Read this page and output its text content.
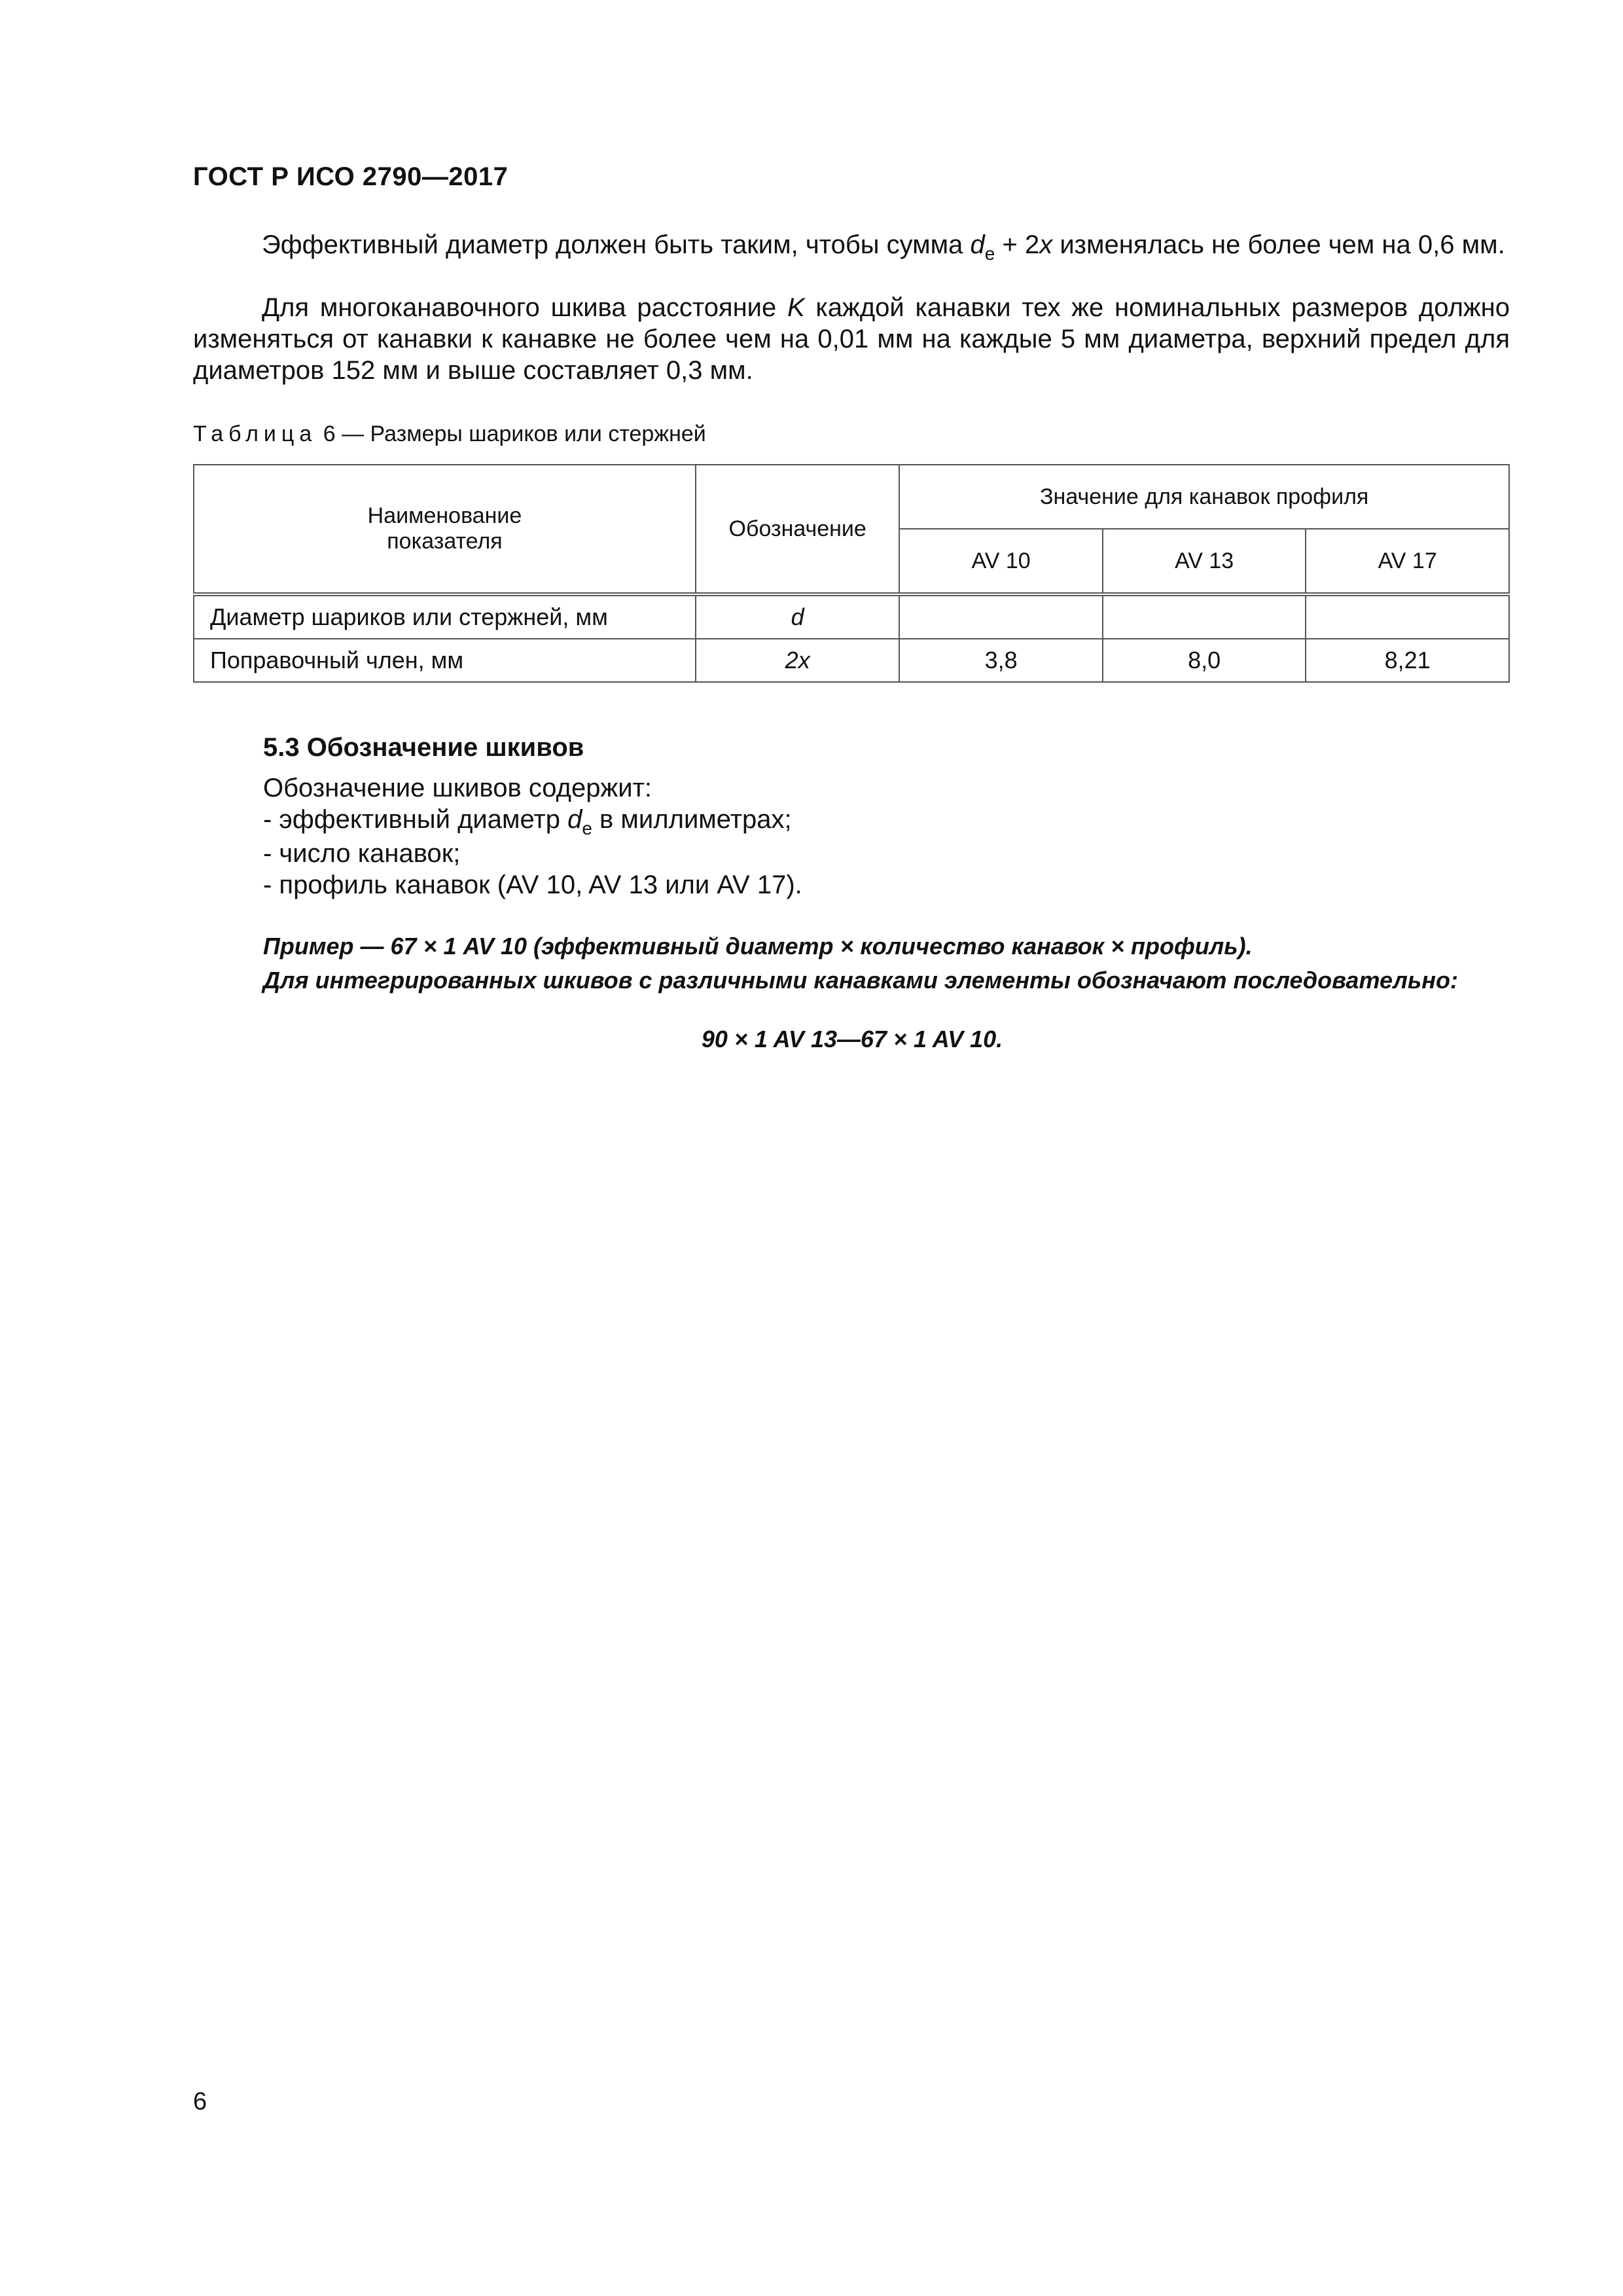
ГОСТ Р ИСО 2790—2017
Эффективный диаметр должен быть таким, чтобы сумма $d_e + 2x$ изменялась не более чем на 0,6 мм.
Для многоканавочного шкива расстояние K каждой канавки тех же номинальных размеров должно изменяться от канавки к канавке не более чем на 0,01 мм на каждые 5 мм диаметра, верхний предел для диаметров 152 мм и выше составляет 0,3 мм.
Таблица 6 — Размеры шариков или стержней
Наименование
показателя	Обозначение	Значение для канавок профиля		
		AV 10	AV 13	AV 17
Диаметр шариков или стержней, мм	d			
Поправочный член, мм	2x	3,8	8,0	8,21
5.3 Обозначение шкивов
Обозначение шкивов содержит:
- эффективный диаметр $d_e$ в миллиметрах;
- число канавок;
- профиль канавок (AV 10, AV 13 или AV 17).
Пример — 67 × 1 AV 10 (эффективный диаметр × количество канавок × профиль).
Для интегрированных шкивов с различными канавками элементы обозначают последовательно:
90 × 1 AV 13—67 × 1 AV 10.
6
